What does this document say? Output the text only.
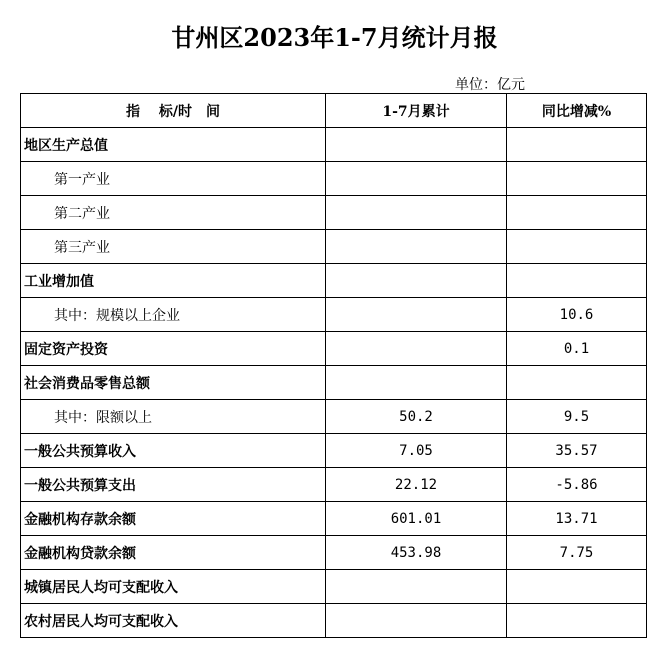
甘州区2023年1-7月统计月报
单位：亿元
指　 标/时　间	1-7月累计	同比增减%
地区生产总值		
第一产业		
第二产业		
第三产业		
工业增加值		
其中：规模以上企业		10.6
固定资产投资		0.1
社会消费品零售总额		
其中：限额以上	50.2	9.5
一般公共预算收入	7.05	35.57
一般公共预算支出	22.12	-5.86
金融机构存款余额	601.01	13.71
金融机构贷款余额	453.98	7.75
城镇居民人均可支配收入		
农村居民人均可支配收入		
